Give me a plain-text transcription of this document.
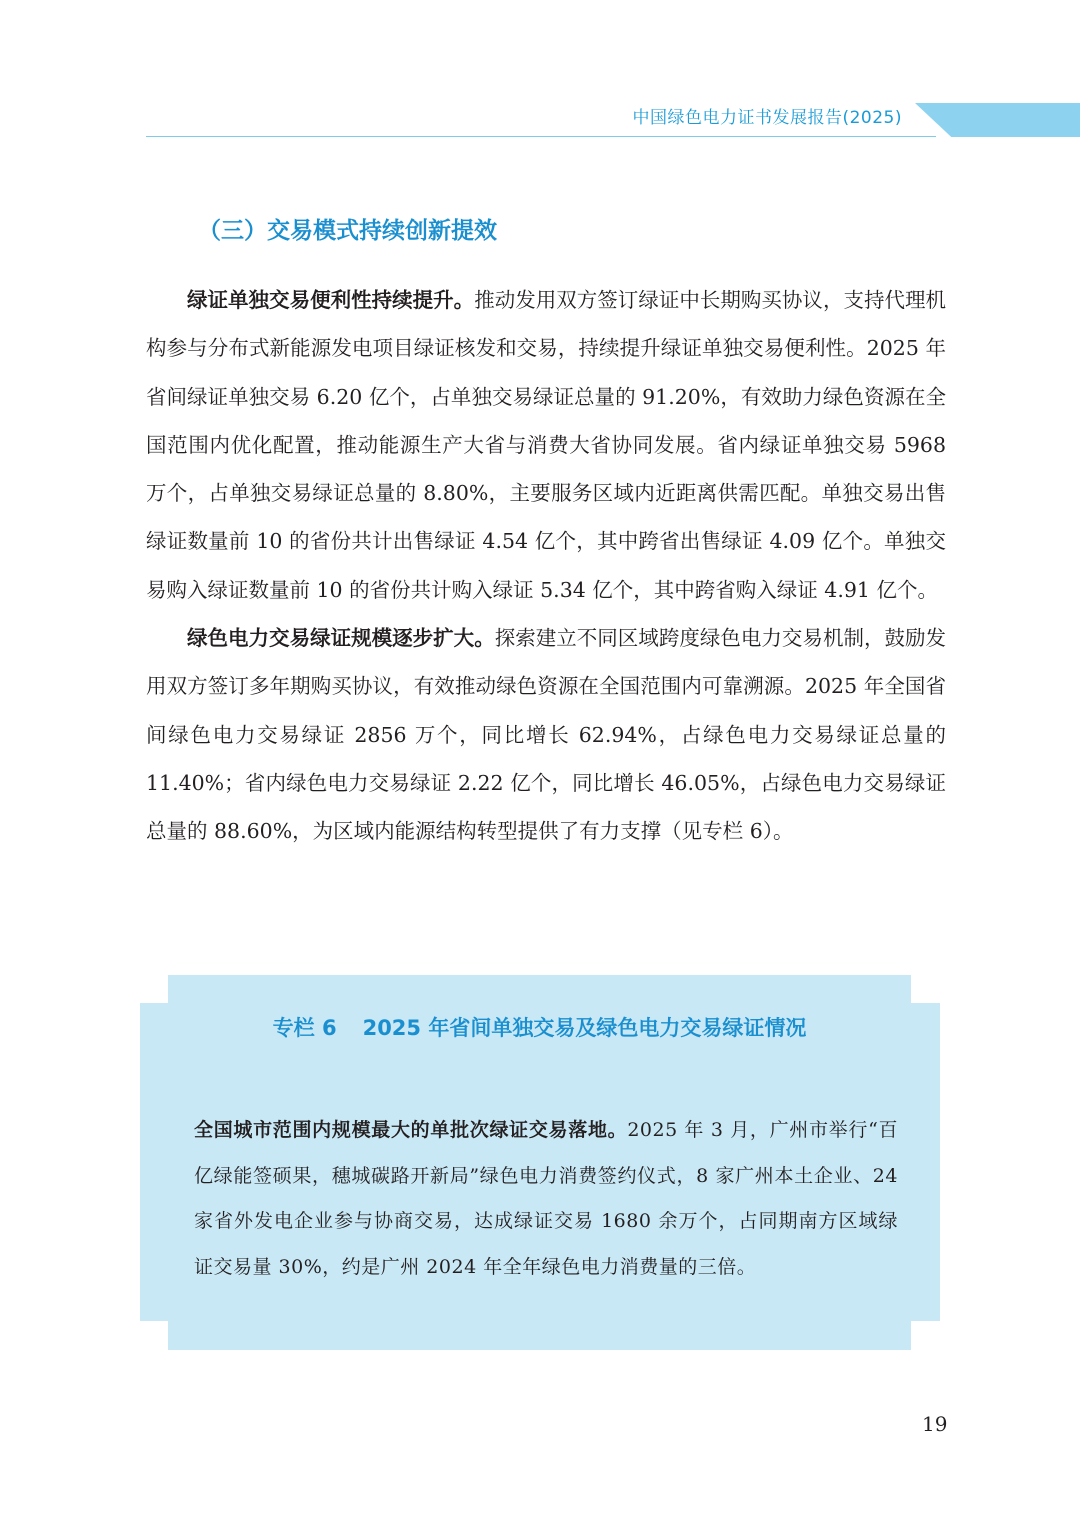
中国绿色电力证书发展报告(2025)
（三）交易模式持续创新提效

绿证单独交易便利性持续提升。推动发用双方签订绿证中长期购买协议，支持代理机构参与分布式新能源发电项目绿证核发和交易，持续提升绿证单独交易便利性。2025 年省间绿证单独交易 6.20 亿个，占单独交易绿证总量的 91.20%，有效助力绿色资源在全国范围内优化配置，推动能源生产大省与消费大省协同发展。省内绿证单独交易 5968 万个，占单独交易绿证总量的 8.80%，主要服务区域内近距离供需匹配。单独交易出售绿证数量前 10 的省份共计出售绿证 4.54 亿个，其中跨省出售绿证 4.09 亿个。单独交易购入绿证数量前 10 的省份共计购入绿证 5.34 亿个，其中跨省购入绿证 4.91 亿个。

绿色电力交易绿证规模逐步扩大。探索建立不同区域跨度绿色电力交易机制，鼓励发用双方签订多年期购买协议，有效推动绿色资源在全国范围内可靠溯源。2025 年全国省间绿色电力交易绿证 2856 万个，同比增长 62.94%，占绿色电力交易绿证总量的 11.40%；省内绿色电力交易绿证 2.22 亿个，同比增长 46.05%，占绿色电力交易绿证总量的 88.60%，为区域内能源结构转型提供了有力支撑（见专栏 6）。

专栏 6 2025 年省间单独交易及绿色电力交易绿证情况
全国城市范围内规模最大的单批次绿证交易落地。2025 年 3 月，广州市举行“百亿绿能签硕果，穗城碳路开新局”绿色电力消费签约仪式，8 家广州本土企业、24 家省外发电企业参与协商交易，达成绿证交易 1680 余万个，占同期南方区域绿证交易量 30%，约是广州 2024 年全年绿色电力消费量的三倍。
19
